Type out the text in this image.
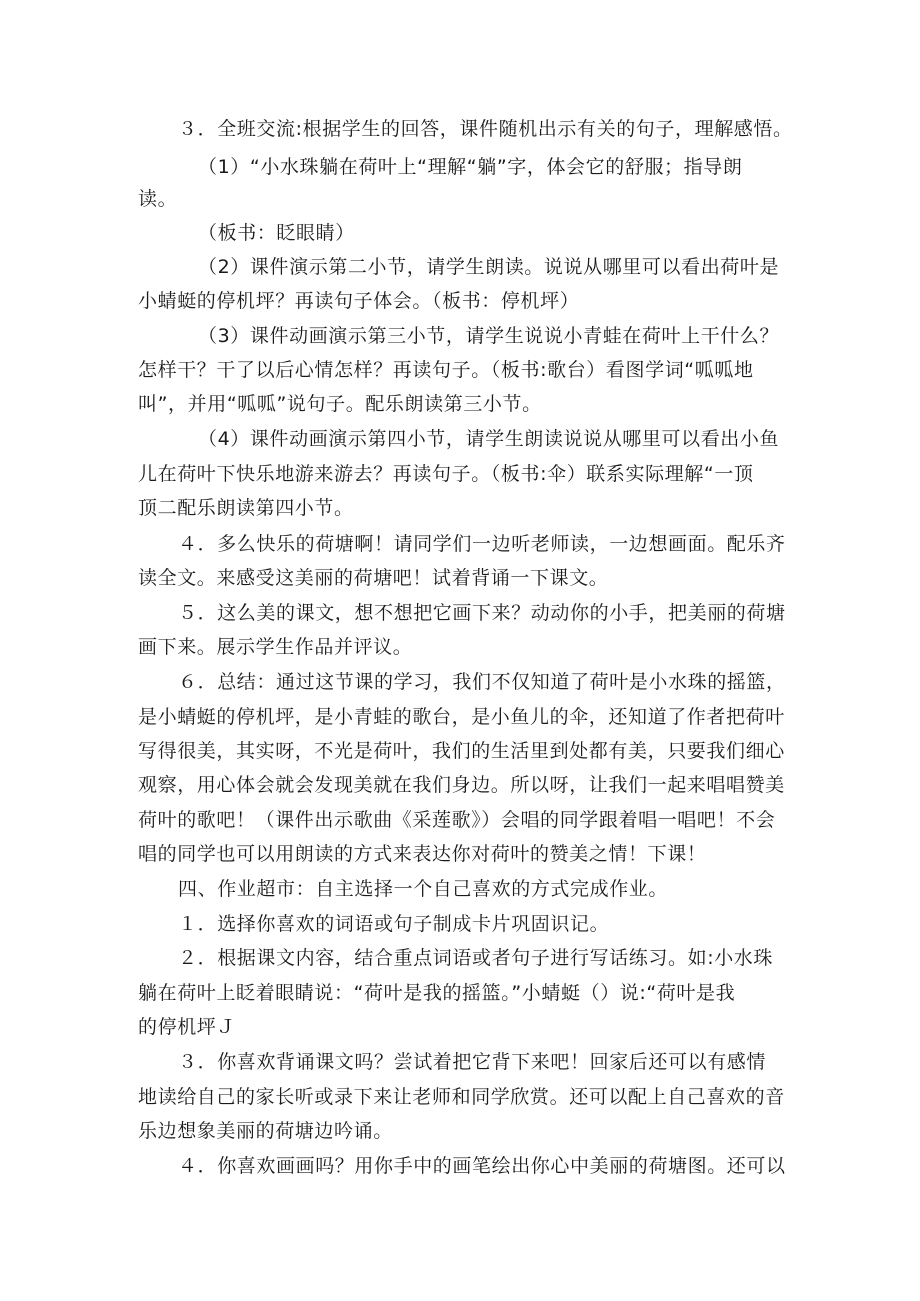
３．全班交流:根据学生的回答，课件随机出示有关的句子，理解感悟。
（1）“小水珠躺在荷叶上“理解“躺”字，体会它的舒服；指导朗
读。
（板书：眨眼睛）
（2）课件演示第二小节，请学生朗读。说说从哪里可以看出荷叶是
小蜻蜓的停机坪？再读句子体会。（板书：停机坪）
（3）课件动画演示第三小节，请学生说说小青蛙在荷叶上干什么？
怎样干？干了以后心情怎样？再读句子。（板书:歌台）看图学词“呱呱地
叫”，并用“呱呱”说句子。配乐朗读第三小节。
（4）课件动画演示第四小节，请学生朗读说说从哪里可以看出小鱼
儿在荷叶下快乐地游来游去？再读句子。（板书:伞）联系实际理解“一顶
顶二配乐朗读第四小节。
４．多么快乐的荷塘啊！请同学们一边听老师读，一边想画面。配乐齐
读全文。来感受这美丽的荷塘吧！试着背诵一下课文。
５．这么美的课文，想不想把它画下来？动动你的小手，把美丽的荷塘
画下来。展示学生作品并评议。
６．总结：通过这节课的学习，我们不仅知道了荷叶是小水珠的摇篮，
是小蜻蜓的停机坪，是小青蛙的歌台，是小鱼儿的伞，还知道了作者把荷叶
写得很美，其实呀，不光是荷叶，我们的生活里到处都有美，只要我们细心
观察，用心体会就会发现美就在我们身边。所以呀，让我们一起来唱唱赞美
荷叶的歌吧！（课件出示歌曲《采莲歌》）会唱的同学跟着唱一唱吧！不会
唱的同学也可以用朗读的方式来表达你对荷叶的赞美之情！下课！
四、作业超市：自主选择一个自己喜欢的方式完成作业。
１．选择你喜欢的词语或句子制成卡片巩固识记。
２．根据课文内容，结合重点词语或者句子进行写话练习。如:小水珠
躺在荷叶上眨着眼睛说：“荷叶是我的摇篮。”小蜻蜓（）说:“荷叶是我
的停机坪Ｊ
３．你喜欢背诵课文吗？尝试着把它背下来吧！回家后还可以有感情
地读给自己的家长听或录下来让老师和同学欣赏。还可以配上自己喜欢的音
乐边想象美丽的荷塘边吟诵。
４．你喜欢画画吗？用你手中的画笔绘出你心中美丽的荷塘图。还可以
